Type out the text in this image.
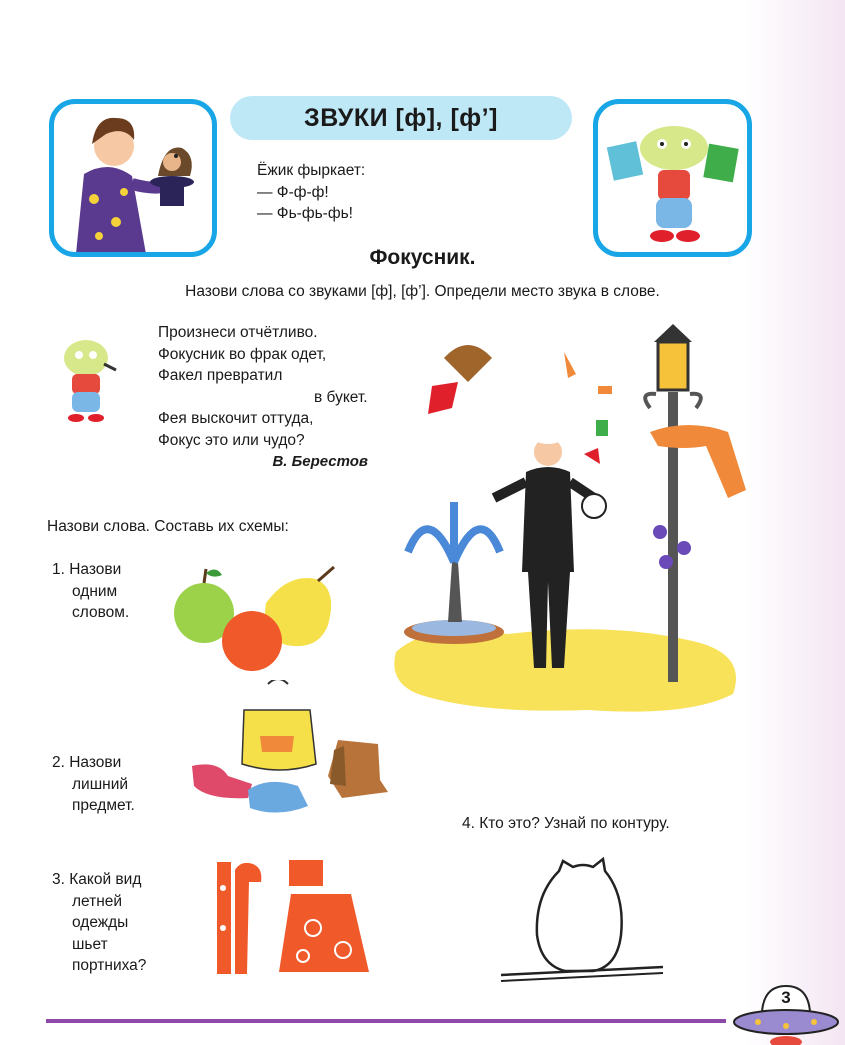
ЗВУКИ [ф], [ф’]
Ёжик фыркает:
— Ф-ф-ф!
— Фь-фь-фь!
Фокусник.
Назови слова со звуками [ф], [ф’]. Определи место звука в слове.
Произнеси отчётливо.
Фокусник во фрак одет,
Факел превратил
в букет.
Фея выскочит оттуда,
Фокус это или чудо?
В. Берестов
Назови слова. Составь их схемы:
1. Назови
одним
словом.
2. Назови
лишний
предмет.
3. Какой вид
летней
одежды
шьет
портниха?
4. Кто это? Узнай по контуру.
3
